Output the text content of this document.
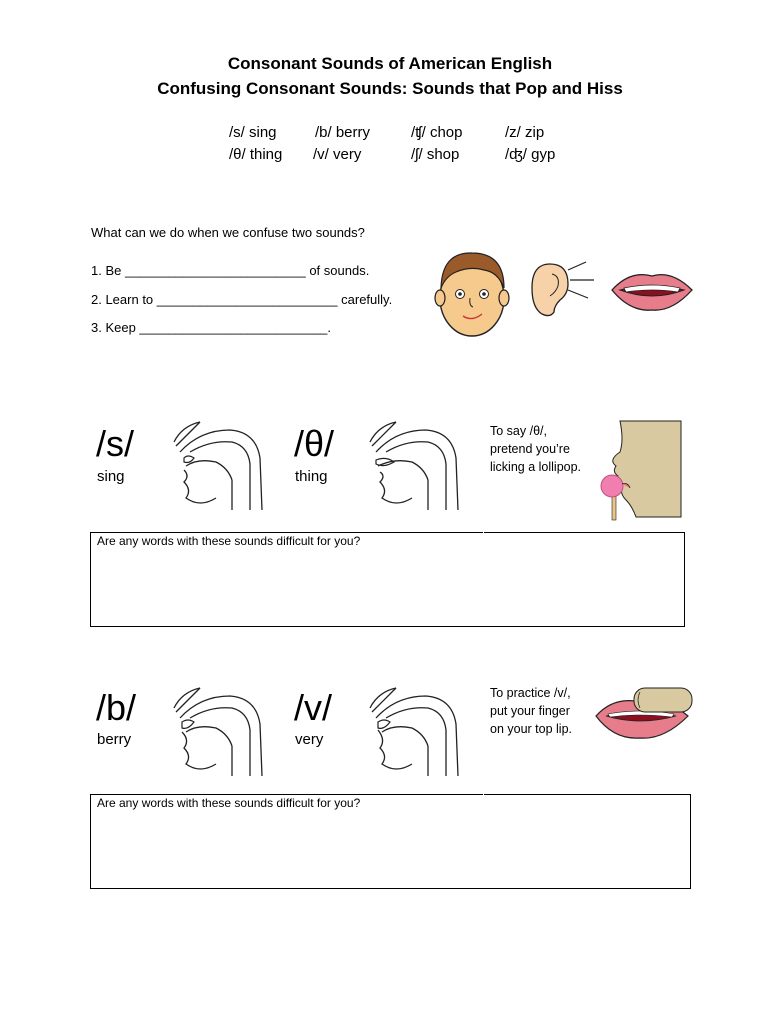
Consonant Sounds of American English
Confusing Consonant Sounds: Sounds that Pop and Hiss
/s/ sing	/b/ berry	/ʧ/ chop	/z/ zip
/θ/ thing /v/ very	/ʃ/ shop	/ʤ/ gyp
What can we do when we confuse two sounds?
1. Be _________________________ of sounds.
2. Learn to _________________________ carefully.
3. Keep __________________________.
/s/
sing
/θ/
thing
To say /θ/,
pretend you’re
licking a lollipop.
Are any words with these sounds difficult for you?
/b/
berry
/v/
very
To practice /v/,
put your finger
on your top lip.
Are any words with these sounds difficult for you?
